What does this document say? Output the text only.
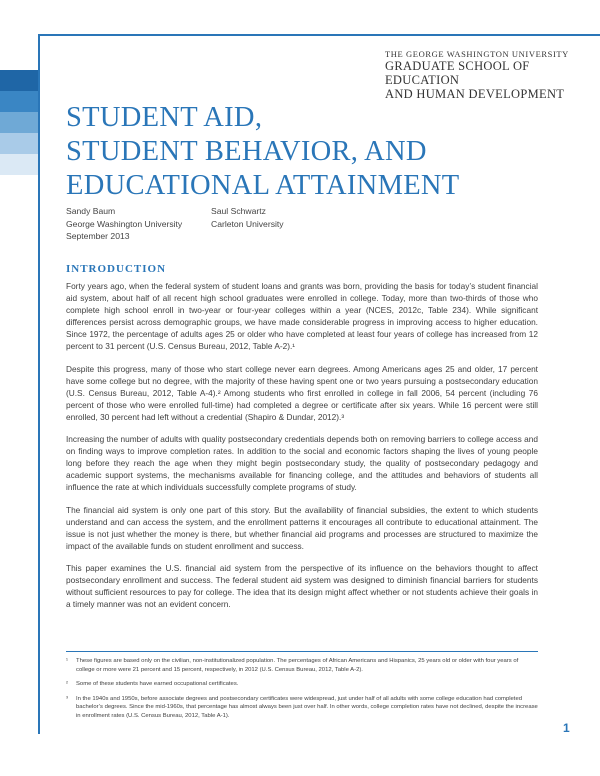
THE GEORGE WASHINGTON UNIVERSITY
GRADUATE SCHOOL OF EDUCATION
AND HUMAN DEVELOPMENT
STUDENT AID,
STUDENT BEHAVIOR, AND
EDUCATIONAL ATTAINMENT
Sandy Baum
George Washington University
September 2013
Saul Schwartz
Carleton University
INTRODUCTION

Forty years ago, when the federal system of student loans and grants was born, providing the basis for today’s student financial aid system, about half of all recent high school graduates were enrolled in college. Today, more than two-thirds of those who complete high school enroll in two-year or four-year colleges within a year (NCES, 2012c, Table 234). While significant differences persist across demographic groups, we have made considerable progress in improving access to higher education. Since 1972, the percentage of adults ages 25 or older who have completed at least four years of college has increased from 12 percent to 31 percent (U.S. Census Bureau, 2012, Table A-2).¹

Despite this progress, many of those who start college never earn degrees. Among Americans ages 25 and older, 17 percent have some college but no degree, with the majority of these having spent one or two years pursuing a postsecondary education (U.S. Census Bureau, 2012, Table A-4).² Among students who first enrolled in college in fall 2006, 54 percent (including 76 percent of those who were enrolled full-time) had completed a degree or certificate after six years. While 16 percent were still enrolled, 30 percent had left without a credential (Shapiro & Dundar, 2012).³

Increasing the number of adults with quality postsecondary credentials depends both on removing barriers to college access and on finding ways to improve completion rates. In addition to the social and economic factors shaping the lives of young people long before they reach the age when they might begin postsecondary study, the quality of postsecondary pedagogy and academic support systems, the mechanisms available for financing college, and the attitudes and behaviors of students all influence the rate at which individuals successfully complete programs of study.

The financial aid system is only one part of this story. But the availability of financial subsidies, the extent to which students understand and can access the system, and the enrollment patterns it encourages all contribute to educational attainment. The issue is not just whether the money is there, but whether financial aid programs and processes are structured to maximize the impact of the available funds on student enrollment and success.

This paper examines the U.S. financial aid system from the perspective of its influence on the behaviors thought to affect postsecondary enrollment and success. The federal student aid system was designed to diminish financial barriers for students without sufficient resources to pay for college. The idea that its design might affect whether or not students achieve their goals in a timely manner was not an evident concern.

¹	These figures are based only on the civilian, non-institutionalized population. The percentages of African Americans and Hispanics, 25 years old or older with four years of college or more were 21 percent and 15 percent, respectively, in 2012 (U.S. Census Bureau, 2012, Table A-2).
²	Some of these students have earned occupational certificates.
³	In the 1940s and 1950s, before associate degrees and postsecondary certificates were widespread, just under half of all adults with some college education had completed bachelor’s degrees. Since the mid-1960s, that percentage has almost always been just over half. In other words, college completion rates have not declined, despite the increase in enrollment rates (U.S. Census Bureau, 2012, Table A-1).
1
